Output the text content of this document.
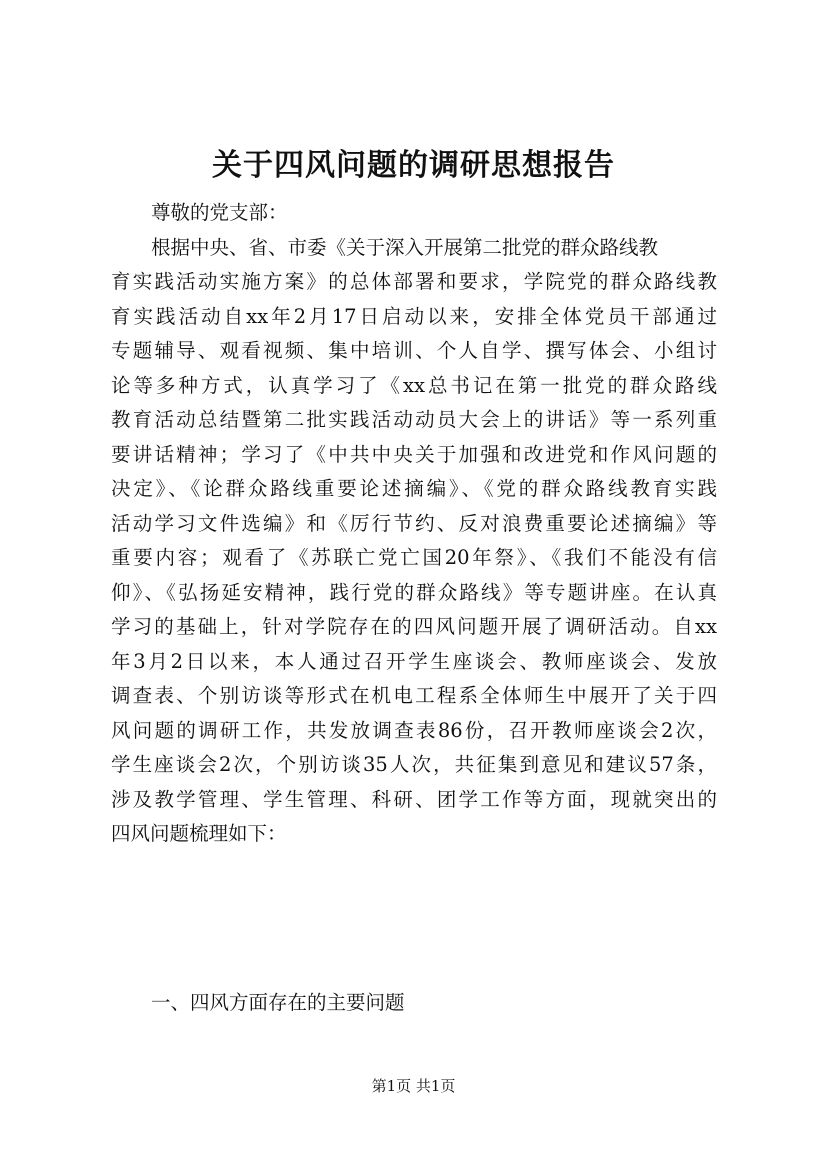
关于四风问题的调研思想报告
尊敬的党支部：
根据中央、省、市委《关于深入开展第二批党的群众路线教
育实践活动实施方案》的总体部署和要求，学院党的群众路线教
育实践活动自xx年2月17日启动以来，安排全体党员干部通过
专题辅导、观看视频、集中培训、个人自学、撰写体会、小组讨
论等多种方式，认真学习了《xx总书记在第一批党的群众路线
教育活动总结暨第二批实践活动动员大会上的讲话》等一系列重
要讲话精神；学习了《中共中央关于加强和改进党和作风问题的
决定》、《论群众路线重要论述摘编》、《党的群众路线教育实践
活动学习文件选编》和《厉行节约、反对浪费重要论述摘编》等
重要内容；观看了《苏联亡党亡国20年祭》、《我们不能没有信
仰》、《弘扬延安精神，践行党的群众路线》等专题讲座。在认真
学习的基础上，针对学院存在的四风问题开展了调研活动。自xx
年3月2日以来，本人通过召开学生座谈会、教师座谈会、发放
调查表、个别访谈等形式在机电工程系全体师生中展开了关于四
风问题的调研工作，共发放调查表86份，召开教师座谈会2次，
学生座谈会2次，个别访谈35人次，共征集到意见和建议57条，
涉及教学管理、学生管理、科研、团学工作等方面，现就突出的
四风问题梳理如下：
一、四风方面存在的主要问题
第1页 共1页
